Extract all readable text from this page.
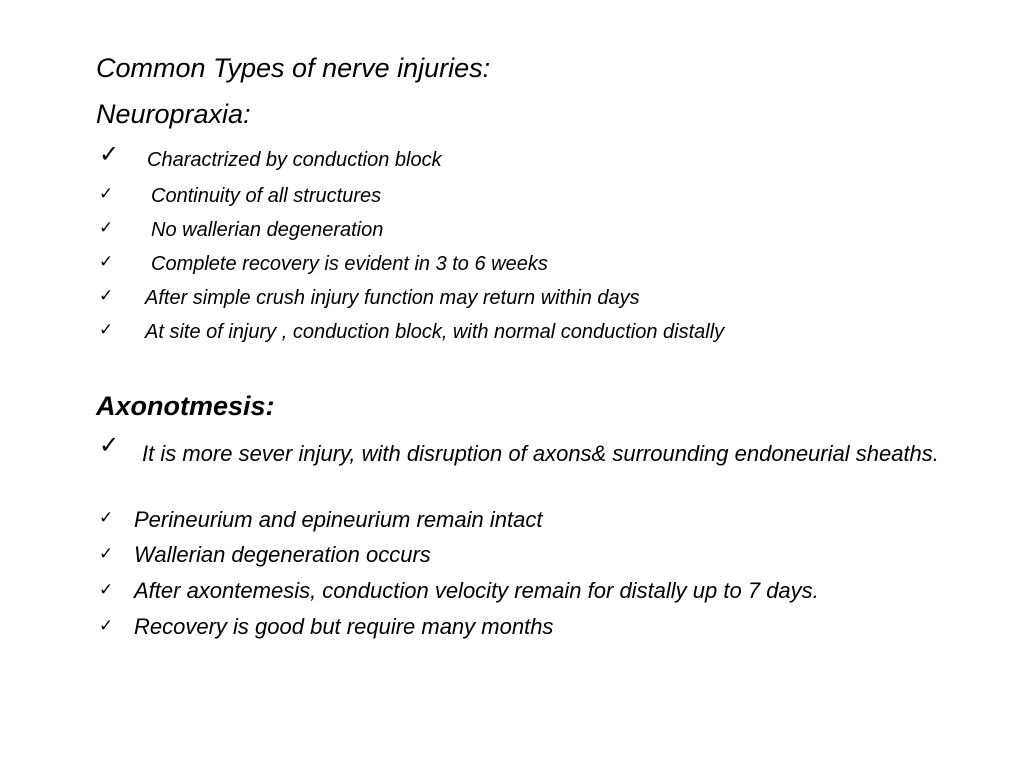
Common Types of nerve injuries:
Neuropraxia:
✓ Charactrized by conduction block
✓ Continuity of all structures
✓ No wallerian degeneration
✓ Complete recovery is evident in 3 to 6 weeks
✓ After simple crush injury function may return within days
✓ At site of injury , conduction block, with normal conduction distally
Axonotmesis:
✓	It is more sever injury, with disruption of axons& surrounding endoneurial sheaths.
✓ Perineurium and epineurium remain intact
✓ Wallerian degeneration occurs
✓ After axontemesis, conduction velocity remain for distally up to 7 days.
✓ Recovery is good but require many months
